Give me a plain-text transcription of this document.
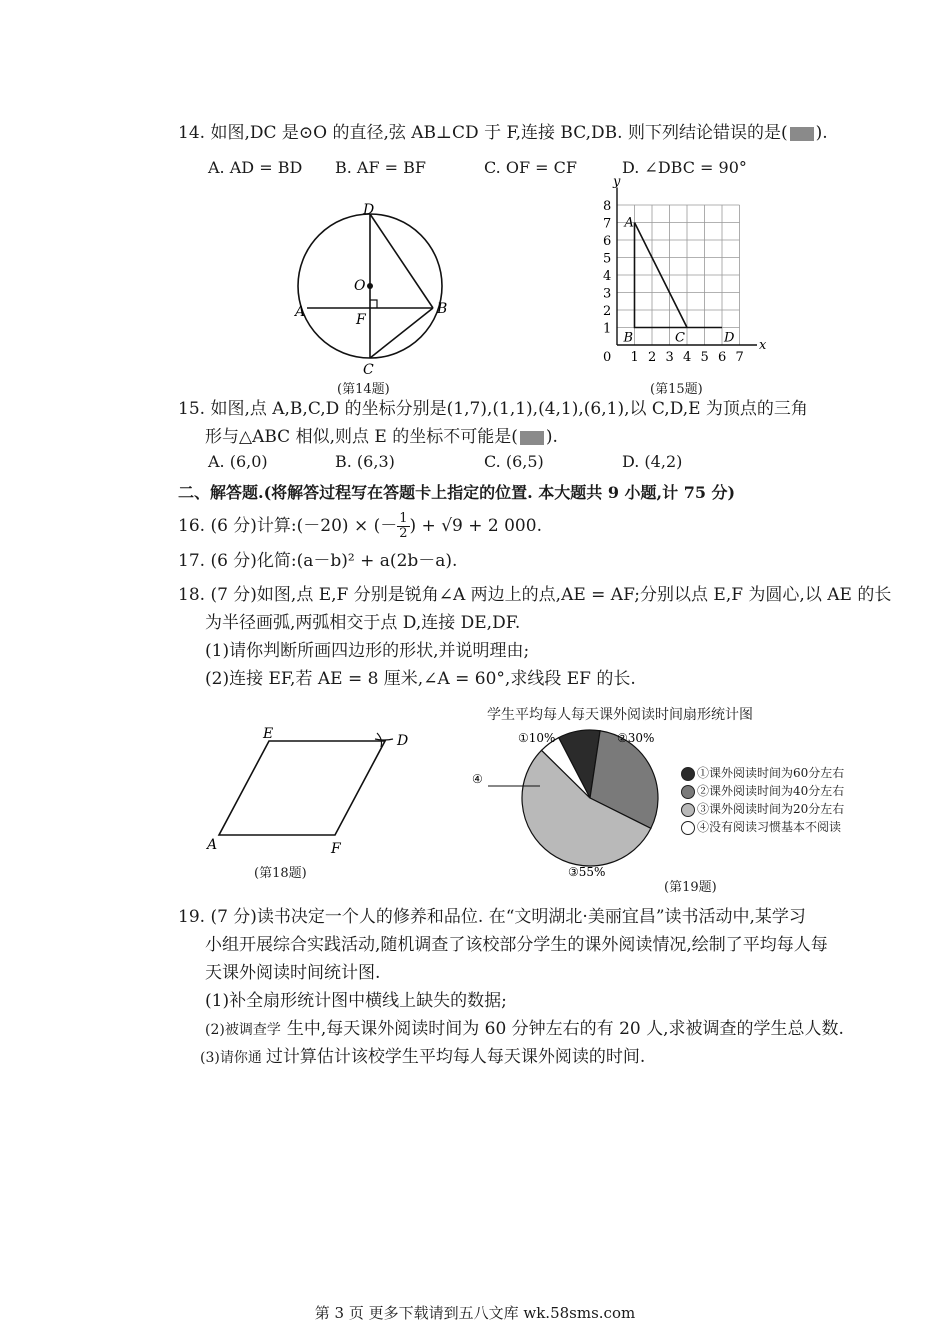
14. 如图,DC 是⊙O 的直径,弦 AB⊥CD 于 F,连接 BC,DB. 则下列结论错误的是( ).
A. AD = BD B. AF = BF	C. OF = CF	D. ∠DBC = 90°
D
O
A	B
F
C
(第14题)
y
x
0
1
2
3
4
5
6
7
8
1 2 3 4 5 6 7
A
B	C	D
(第15题)
15. 如图,点 A,B,C,D 的坐标分别是(1,7),(1,1),(4,1),(6,1),以 C,D,E 为顶点的三角
形与△ABC 相似,则点 E 的坐标不可能是( ).
A. (6,0)	B. (6,3)	C. (6,5)	D. (4,2)
二、解答题.(将解答过程写在答题卡上指定的位置. 本大题共 9 小题,计 75 分)
16. (6 分)计算:(－20) × (－ $\frac{1}{2}$ ) + √9 + 2 000.
17. (6 分)化简:(a－b)² + a(2b－a).
18. (7 分)如图,点 E,F 分别是锐角∠A 两边上的点,AE = AF;分别以点 E,F 为圆心,以 AE 的长
为半径画弧,两弧相交于点 D,连接 DE,DF.
(1)请你判断所画四边形的形状,并说明理由;
(2)连接 EF,若 AE = 8 厘米,∠A = 60°,求线段 EF 的长.
E	D
A	F
(第18题)
学生平均每人每天课外阅读时间扇形统计图
①10%	②30%
③55%
④	①课外阅读时间为60分左右
②课外阅读时间为40分左右
③课外阅读时间为20分左右
④没有阅读习惯基本不阅读
(第19题)
19. (7 分)读书决定一个人的修养和品位. 在“文明湖北·美丽宜昌”读书活动中,某学习
小组开展综合实践活动,随机调查了该校部分学生的课外阅读情况,绘制了平均每人每
天课外阅读时间统计图.
(1)补全扇形统计图中横线上缺失的数据;
(2)被调查学 生中,每天课外阅读时间为 60 分钟左右的有 20 人,求被调查的学生总人数.
(3)请你通 过计算估计该校学生平均每人每天课外阅读的时间.
第 3 页 更多下载请到五八文库 wk.58sms.com
